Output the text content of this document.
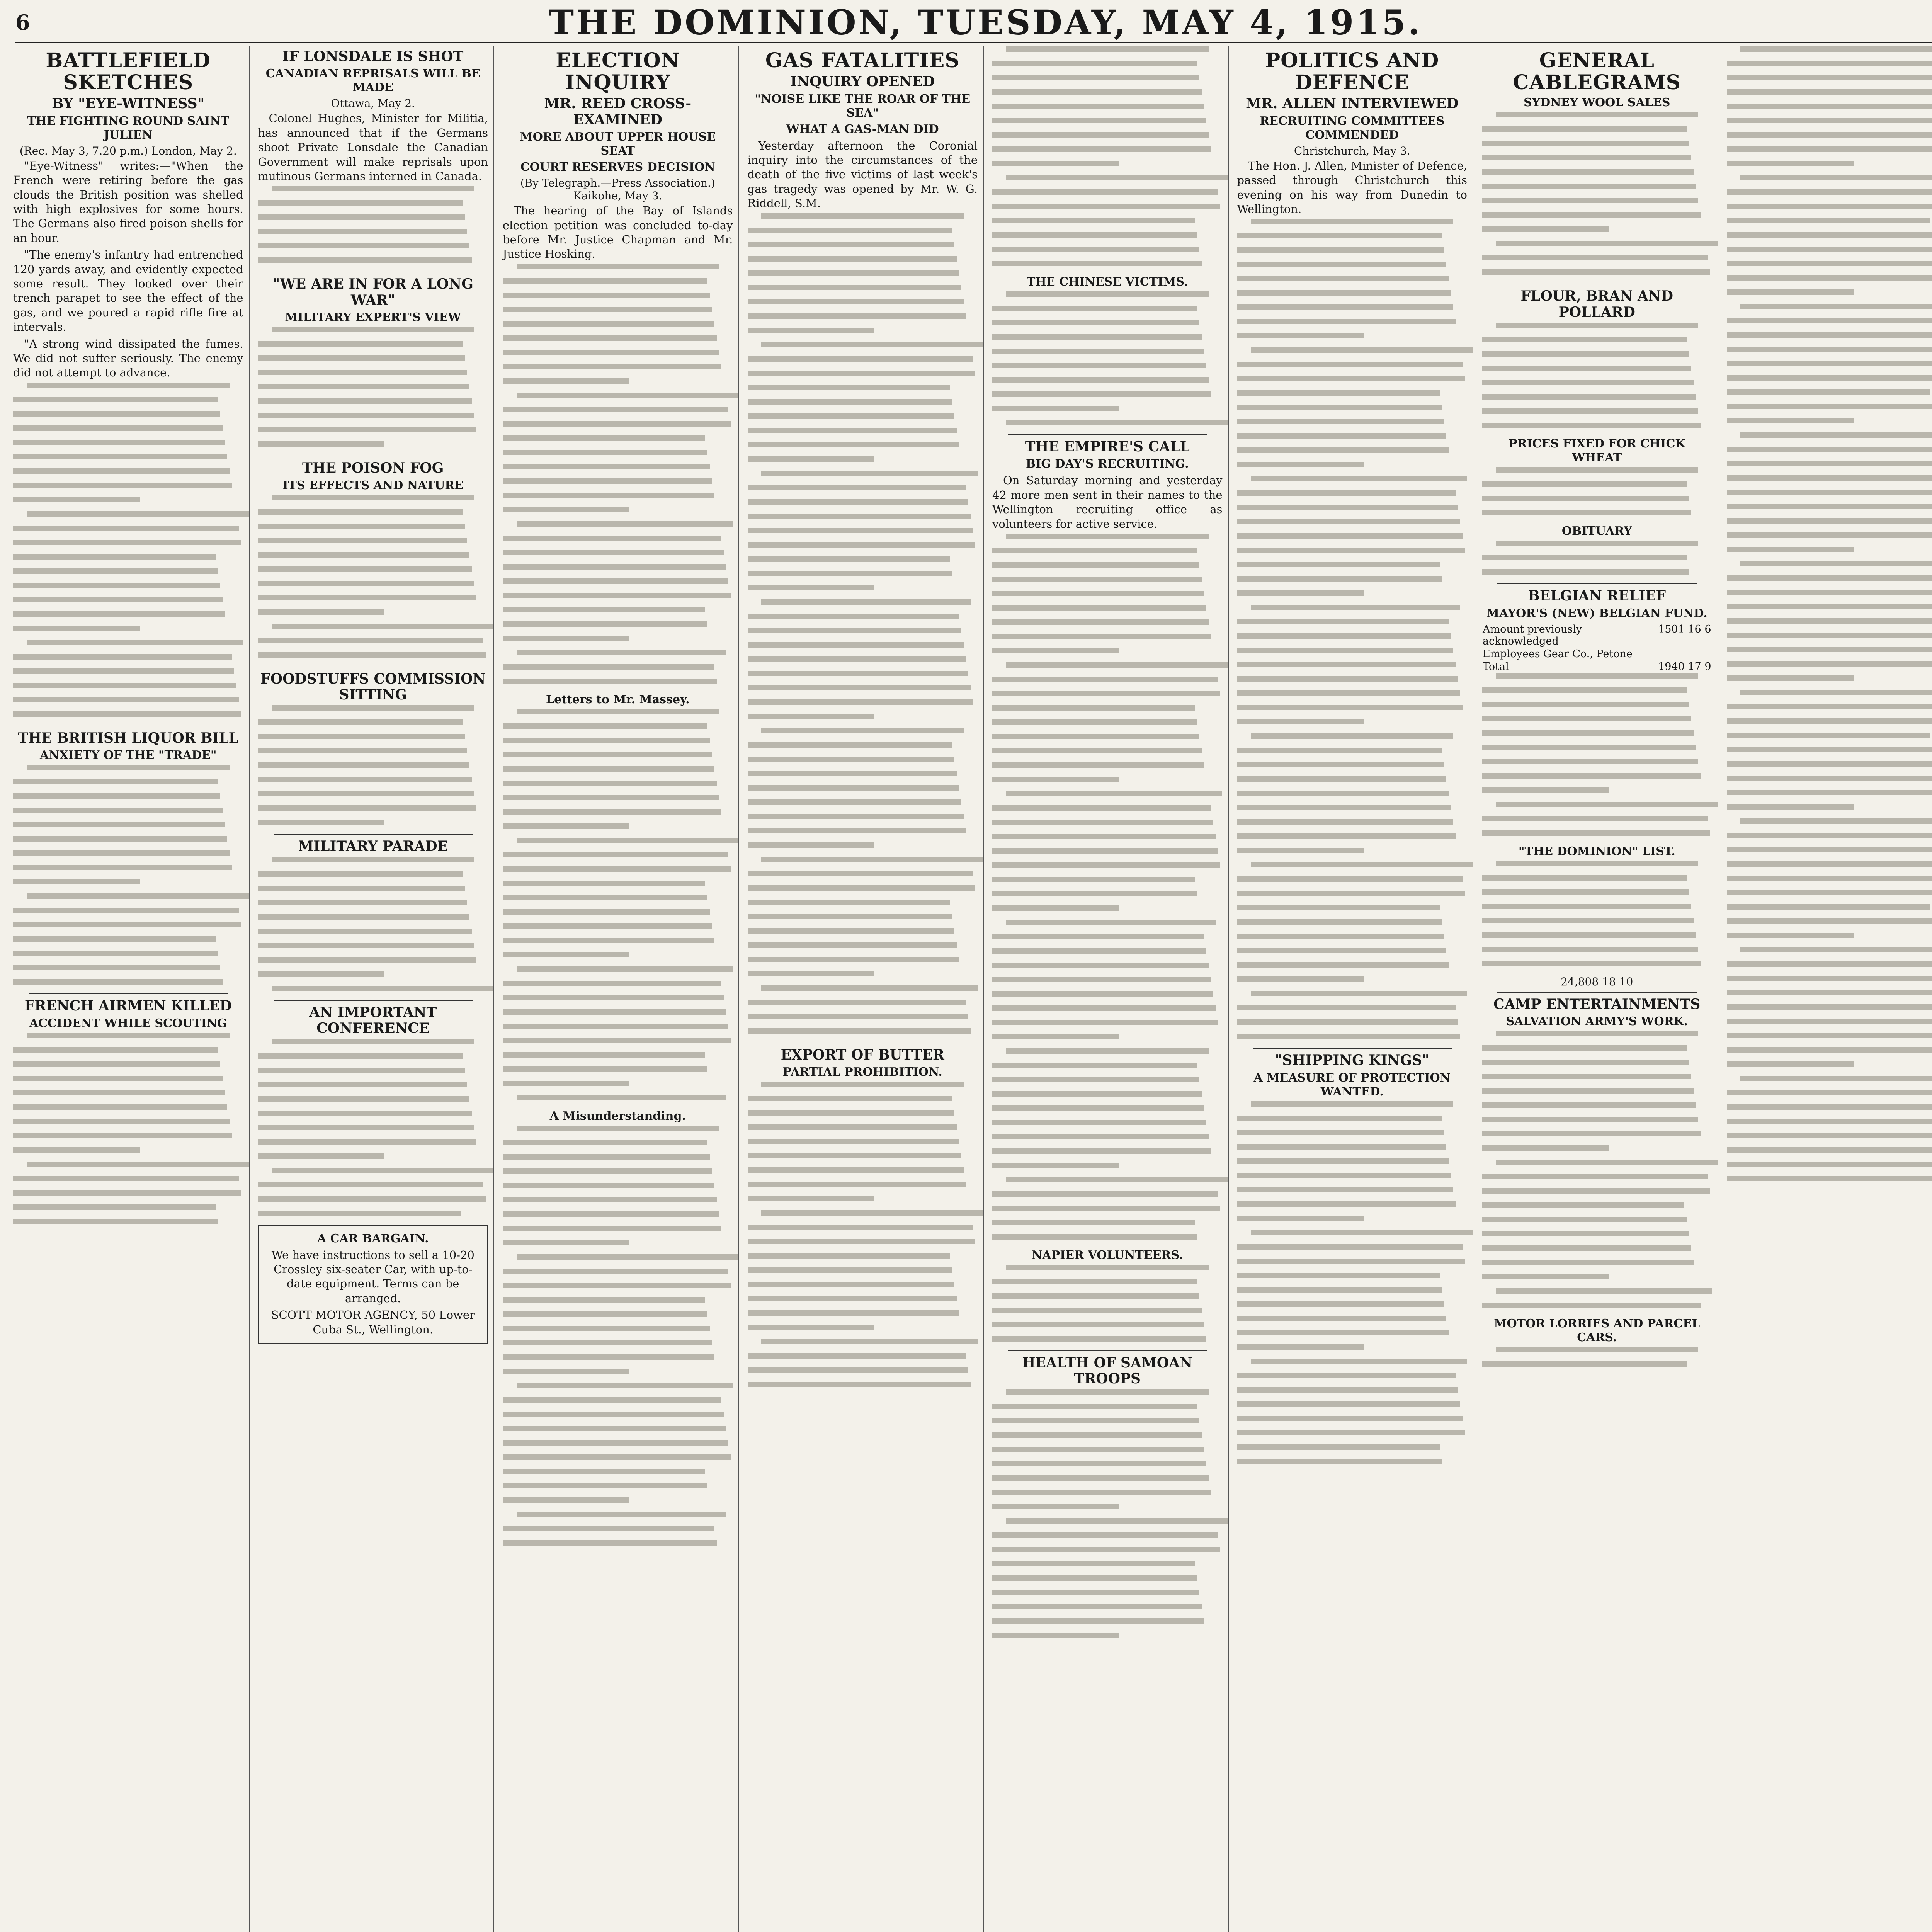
6	THE DOMINION, TUESDAY, MAY 4, 1915.
BATTLEFIELD SKETCHES
BY "EYE-WITNESS"
THE FIGHTING ROUND SAINT JULIEN
(Rec. May 3, 7.20 p.m.) London, May 2.

"Eye-Witness" writes:—"When the French were retiring before the gas clouds the British position was shelled with high explosives for some hours. The Germans also fired poison shells for an hour.

"The enemy's infantry had entrenched 120 yards away, and evidently expected some result. They looked over their trench parapet to see the effect of the gas, and we poured a rapid rifle fire at intervals.

"A strong wind dissipated the fumes. We did not suffer seriously. The enemy did not attempt to advance.

THE BRITISH LIQUOR BILL
ANXIETY OF THE "TRADE"
FRENCH AIRMEN KILLED
ACCIDENT WHILE SCOUTING
IF LONSDALE IS SHOT
CANADIAN REPRISALS WILL BE MADE
Ottawa, May 2.

Colonel Hughes, Minister for Militia, has announced that if the Germans shoot Private Lonsdale the Canadian Government will make reprisals upon mutinous Germans interned in Canada.

"WE ARE IN FOR A LONG WAR"
MILITARY EXPERT'S VIEW
THE POISON FOG
ITS EFFECTS AND NATURE
FOODSTUFFS COMMISSION SITTING
MILITARY PARADE
AN IMPORTANT CONFERENCE
A CAR BARGAIN.

We have instructions to sell a 10-20 Crossley six-seater Car, with up-to-date equipment. Terms can be arranged.

SCOTT MOTOR AGENCY, 50 Lower Cuba St., Wellington.

ELECTION INQUIRY
MR. REED CROSS-EXAMINED
MORE ABOUT UPPER HOUSE SEAT
COURT RESERVES DECISION
(By Telegraph.—Press Association.) Kaikohe, May 3.

The hearing of the Bay of Islands election petition was concluded to-day before Mr. Justice Chapman and Mr. Justice Hosking.

Letters to Mr. Massey.
A Misunderstanding.
GAS FATALITIES
INQUIRY OPENED
"NOISE LIKE THE ROAR OF THE SEA"
WHAT A GAS-MAN DID

Yesterday afternoon the Coronial inquiry into the circumstances of the death of the five victims of last week's gas tragedy was opened by Mr. W. G. Riddell, S.M.

EXPORT OF BUTTER
PARTIAL PROHIBITION.
THE CHINESE VICTIMS.
THE EMPIRE'S CALL
BIG DAY'S RECRUITING.

On Saturday morning and yesterday 42 more men sent in their names to the Wellington recruiting office as volunteers for active service.

NAPIER VOLUNTEERS.
HEALTH OF SAMOAN TROOPS
POLITICS AND DEFENCE
MR. ALLEN INTERVIEWED
RECRUITING COMMITTEES COMMENDED
Christchurch, May 3.

The Hon. J. Allen, Minister of Defence, passed through Christchurch this evening on his way from Dunedin to Wellington.

"SHIPPING KINGS"
A MEASURE OF PROTECTION WANTED.
GENERAL CABLEGRAMS
SYDNEY WOOL SALES
FLOUR, BRAN AND POLLARD
PRICES FIXED FOR CHICK WHEAT
OBITUARY
BELGIAN RELIEF
MAYOR'S (NEW) BELGIAN FUND.
Amount previously acknowledged	1501 16 6
Employees Gear Co., Petone	
Total	1940 17 9
"THE DOMINION" LIST.
24,808 18 10
CAMP ENTERTAINMENTS
SALVATION ARMY'S WORK.
MOTOR LORRIES AND PARCEL CARS.
